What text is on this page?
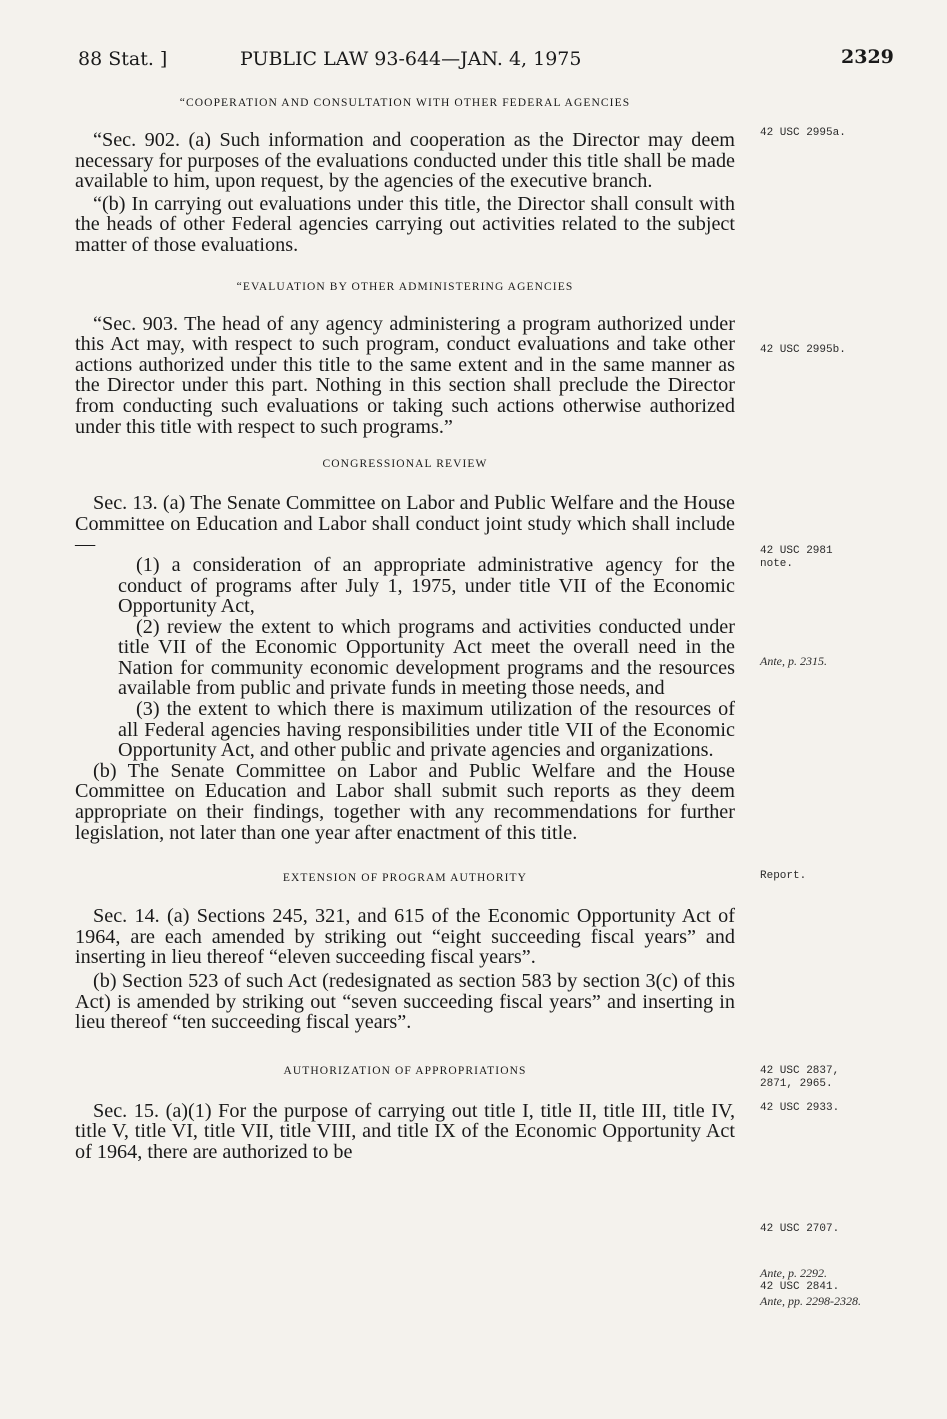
88 Stat. ]	PUBLIC LAW 93-644—JAN. 4, 1975	2329
“COOPERATION AND CONSULTATION WITH OTHER FEDERAL AGENCIES

“Sec. 902. (a) Such information and cooperation as the Director may deem necessary for purposes of the evaluations conducted under this title shall be made available to him, upon request, by the agencies of the executive branch.

“(b) In carrying out evaluations under this title, the Director shall consult with the heads of other Federal agencies carrying out activities related to the subject matter of those evaluations.

“EVALUATION BY OTHER ADMINISTERING AGENCIES

“Sec. 903. The head of any agency administering a program authorized under this Act may, with respect to such program, conduct evaluations and take other actions authorized under this title to the same extent and in the same manner as the Director under this part. Nothing in this section shall preclude the Director from conducting such evaluations or taking such actions otherwise authorized under this title with respect to such programs.”

CONGRESSIONAL REVIEW

Sec. 13. (a) The Senate Committee on Labor and Public Welfare and the House Committee on Education and Labor shall conduct joint study which shall include—

(1) a consideration of an appropriate administrative agency for the conduct of programs after July 1, 1975, under title VII of the Economic Opportunity Act,

(2) review the extent to which programs and activities conducted under title VII of the Economic Opportunity Act meet the overall need in the Nation for community economic development programs and the resources available from public and private funds in meeting those needs, and

(3) the extent to which there is maximum utilization of the resources of all Federal agencies having responsibilities under title VII of the Economic Opportunity Act, and other public and private agencies and organizations.

(b) The Senate Committee on Labor and Public Welfare and the House Committee on Education and Labor shall submit such reports as they deem appropriate on their findings, together with any recommendations for further legislation, not later than one year after enactment of this title.

EXTENSION OF PROGRAM AUTHORITY

Sec. 14. (a) Sections 245, 321, and 615 of the Economic Opportunity Act of 1964, are each amended by striking out “eight succeeding fiscal years” and inserting in lieu thereof “eleven succeeding fiscal years”.

(b) Section 523 of such Act (redesignated as section 583 by section 3(c) of this Act) is amended by striking out “seven succeeding fiscal years” and inserting in lieu thereof “ten succeeding fiscal years”.

AUTHORIZATION OF APPROPRIATIONS

Sec. 15. (a)(1) For the purpose of carrying out title I, title II, title III, title IV, title V, title VI, title VII, title VIII, and title IX of the Economic Opportunity Act of 1964, there are authorized to be

42 USC 2995a.
42 USC 2995b.
42 USC 2981 note.
Ante, p. 2315.
Report.
42 USC 2837, 2871, 2965.
42 USC 2933.
42 USC 2707.
Ante, p. 2292.
42 USC 2841.
Ante, pp. 2298-2328.
